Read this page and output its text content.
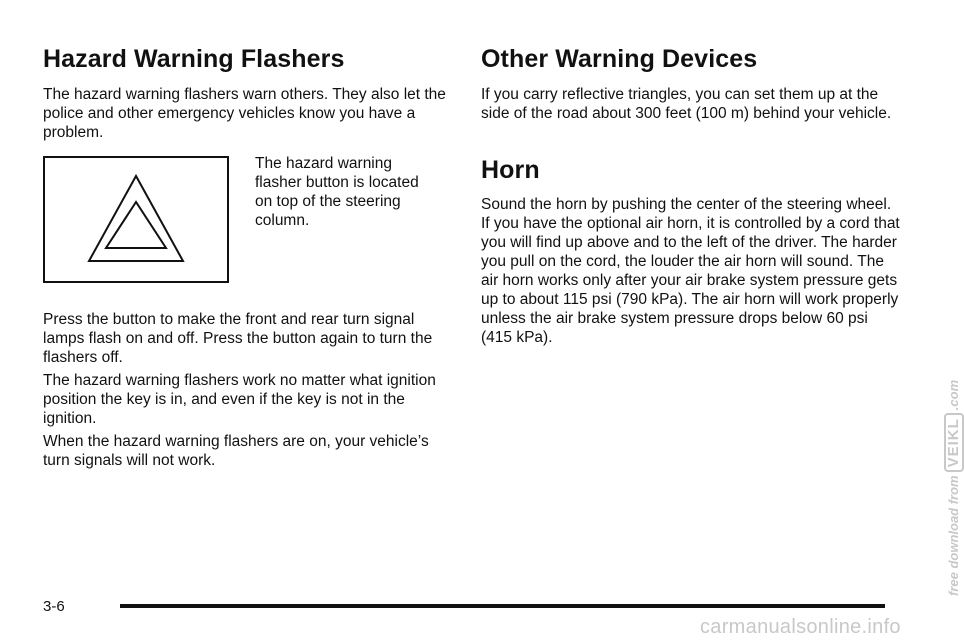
Hazard Warning Flashers

The hazard warning flashers warn others. They also let the police and other emergency vehicles know you have a problem.

The hazard warning flasher button is located on top of the steering column.

Press the button to make the front and rear turn signal lamps flash on and off. Press the button again to turn the flashers off.

The hazard warning flashers work no matter what ignition position the key is in, and even if the key is not in the ignition.

When the hazard warning flashers are on, your vehicle’s turn signals will not work.

Other Warning Devices

If you carry reflective triangles, you can set them up at the side of the road about 300 feet (100 m) behind your vehicle.

Horn

Sound the horn by pushing the center of the steering wheel. If you have the optional air horn, it is controlled by a cord that you will find up above and to the left of the driver. The harder you pull on the cord, the louder the air horn will sound. The air horn works only after your air brake system pressure gets up to about 115 psi (790 kPa). The air horn will work properly unless the air brake system pressure drops below 60 psi (415 kPa).

3-6
carmanualsonline.info
free download fromVEIKL.com
